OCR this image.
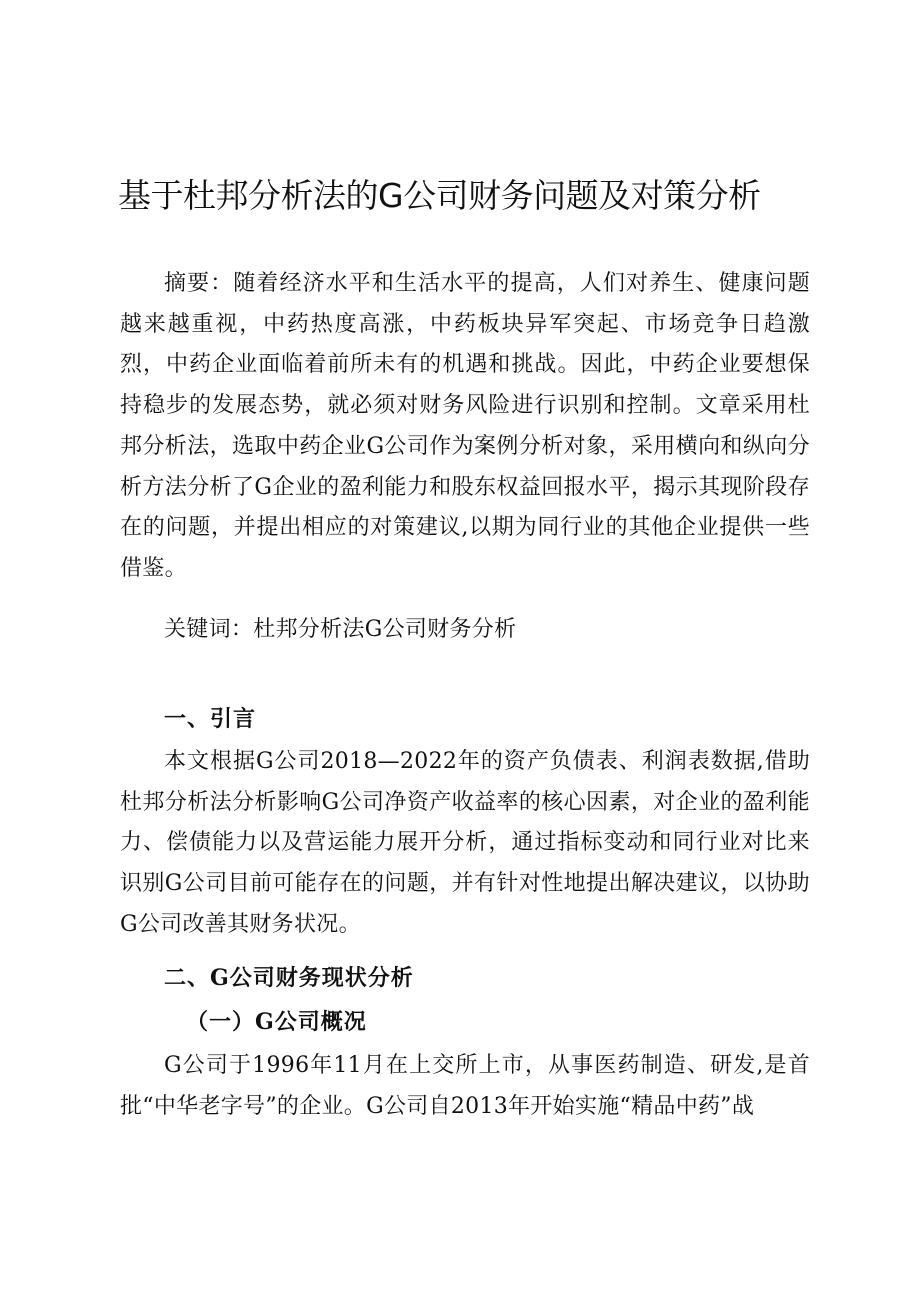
基于杜邦分析法的G公司财务问题及对策分析

摘要：随着经济水平和生活水平的提高，人们对养生、健康问题越来越重视，中药热度高涨，中药板块异军突起、市场竞争日趋激烈，中药企业面临着前所未有的机遇和挑战。因此，中药企业要想保持稳步的发展态势，就必须对财务风险进行识别和控制。文章采用杜邦分析法，选取中药企业G公司作为案例分析对象，采用横向和纵向分析方法分析了G企业的盈利能力和股东权益回报水平，揭示其现阶段存在的问题，并提出相应的对策建议,以期为同行业的其他企业提供一些借鉴。

关键词：杜邦分析法G公司财务分析

一、引言

本文根据G公司2018—2022年的资产负债表、利润表数据,借助杜邦分析法分析影响G公司净资产收益率的核心因素，对企业的盈利能力、偿债能力以及营运能力展开分析，通过指标变动和同行业对比来识别G公司目前可能存在的问题，并有针对性地提出解决建议，以协助G公司改善其财务状况。

二、G公司财务现状分析
（一）G公司概况

G公司于1996年11月在上交所上市，从事医药制造、研发,是首批“中华老字号”的企业。G公司自2013年开始实施“精品中药”战
